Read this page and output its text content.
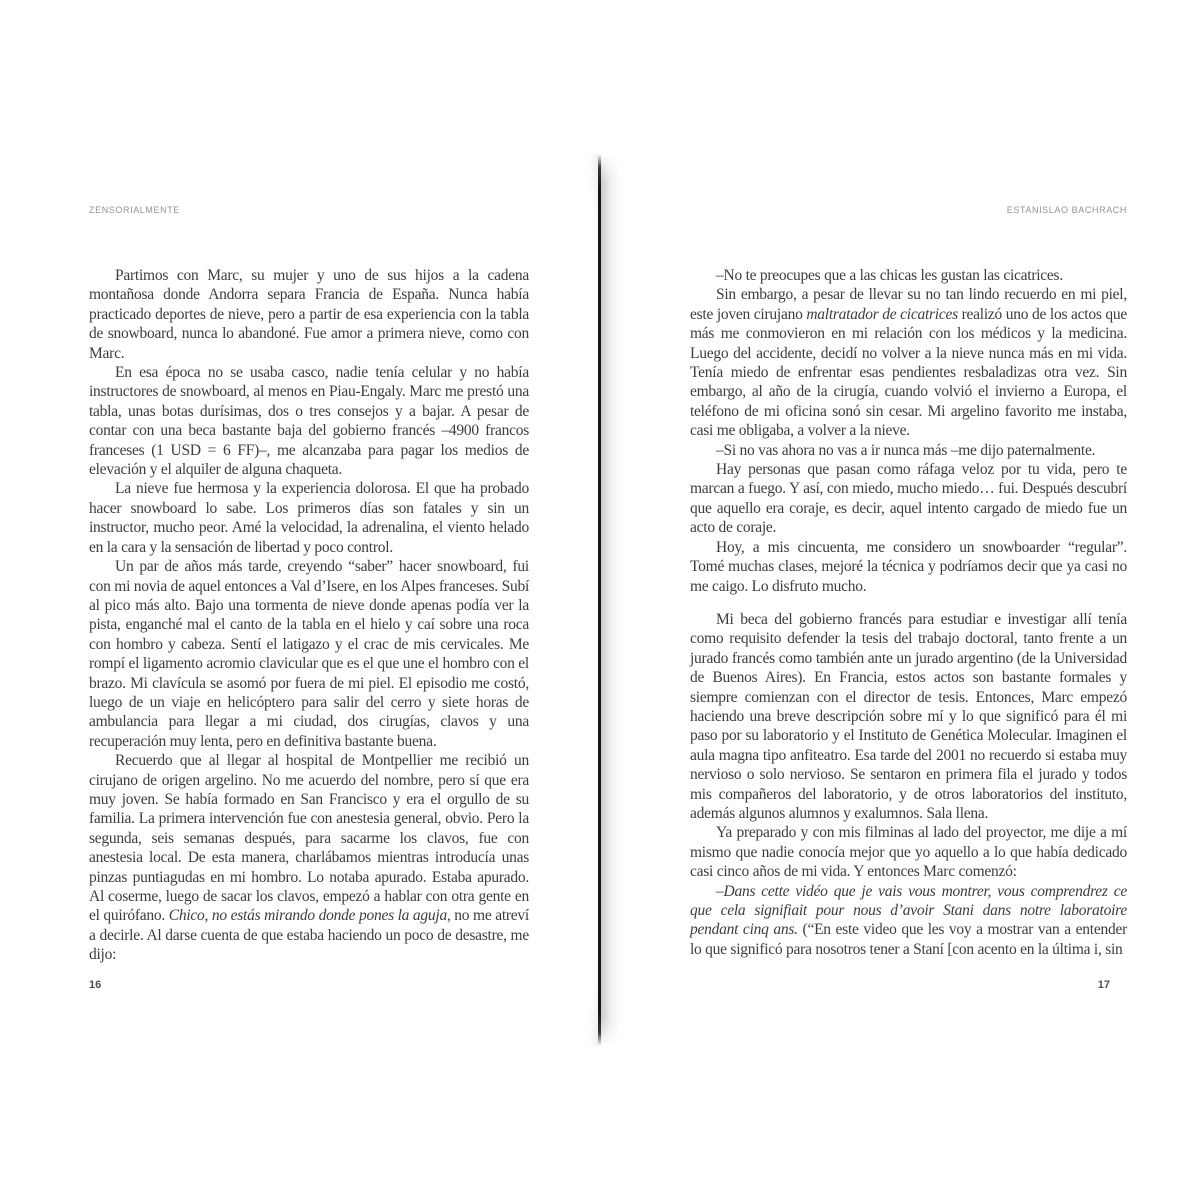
ZENSORIALMENTE	ESTANISLAO BACHRACH

Partimos con Marc, su mujer y uno de sus hijos a la cadena montañosa donde Andorra separa Francia de España. Nunca había practicado deportes de nieve, pero a partir de esa experiencia con la tabla de snowboard, nunca lo abandoné. Fue amor a primera nieve, como con Marc.

En esa época no se usaba casco, nadie tenía celular y no había instructores de snowboard, al menos en Piau-Engaly. Marc me prestó una tabla, unas botas durísimas, dos o tres consejos y a bajar. A pesar de contar con una beca bastante baja del gobierno francés –4900 francos franceses (1 USD = 6 FF)–, me alcanzaba para pagar los medios de elevación y el alquiler de alguna chaqueta.

La nieve fue hermosa y la experiencia dolorosa. El que ha probado hacer snowboard lo sabe. Los primeros días son fatales y sin un instructor, mucho peor. Amé la velocidad, la adrenalina, el viento helado en la cara y la sensación de libertad y poco control.

Un par de años más tarde, creyendo “saber” hacer snowboard, fui con mi novia de aquel entonces a Val d’Isere, en los Alpes franceses. Subí al pico más alto. Bajo una tormenta de nieve donde apenas podía ver la pista, enganché mal el canto de la tabla en el hielo y caí sobre una roca con hombro y cabeza. Sentí el latigazo y el crac de mis cervicales. Me rompí el ligamento acromio clavicular que es el que une el hombro con el brazo. Mi clavícula se asomó por fuera de mi piel. El episodio me costó, luego de un viaje en helicóptero para salir del cerro y siete horas de ambulancia para llegar a mi ciudad, dos cirugías, clavos y una recuperación muy lenta, pero en definitiva bastante buena.

Recuerdo que al llegar al hospital de Montpellier me recibió un cirujano de origen argelino. No me acuerdo del nombre, pero sí que era muy joven. Se había formado en San Francisco y era el orgullo de su familia. La primera intervención fue con anestesia general, obvio. Pero la segunda, seis semanas después, para sacarme los clavos, fue con anestesia local. De esta manera, charlábamos mientras introducía unas pinzas puntiagudas en mi hombro. Lo notaba apurado. Estaba apurado. Al coserme, luego de sacar los clavos, empezó a hablar con otra gente en el quirófano. Chico, no estás mirando donde pones la aguja, no me atreví a decirle. Al darse cuenta de que estaba haciendo un poco de desastre, me dijo:

–No te preocupes que a las chicas les gustan las cicatrices.

Sin embargo, a pesar de llevar su no tan lindo recuerdo en mi piel, este joven cirujano maltratador de cicatrices realizó uno de los actos que más me conmovieron en mi relación con los médicos y la medicina. Luego del accidente, decidí no volver a la nieve nunca más en mi vida. Tenía miedo de enfrentar esas pendientes resbaladizas otra vez. Sin embargo, al año de la cirugía, cuando volvió el invierno a Europa, el teléfono de mi oficina sonó sin cesar. Mi argelino favorito me instaba, casi me obligaba, a volver a la nieve.

–Si no vas ahora no vas a ir nunca más –me dijo paternalmente.

Hay personas que pasan como ráfaga veloz por tu vida, pero te marcan a fuego. Y así, con miedo, mucho miedo… fui. Después descubrí que aquello era coraje, es decir, aquel intento cargado de miedo fue un acto de coraje.

Hoy, a mis cincuenta, me considero un snowboarder “regular”. Tomé muchas clases, mejoré la técnica y podríamos decir que ya casi no me caigo. Lo disfruto mucho.

Mi beca del gobierno francés para estudiar e investigar allí tenía como requisito defender la tesis del trabajo doctoral, tanto frente a un jurado francés como también ante un jurado argentino (de la Universidad de Buenos Aires). En Francia, estos actos son bastante formales y siempre comienzan con el director de tesis. Entonces, Marc empezó haciendo una breve descripción sobre mí y lo que significó para él mi paso por su laboratorio y el Instituto de Genética Molecular. Imaginen el aula magna tipo anfiteatro. Esa tarde del 2001 no recuerdo si estaba muy nervioso o solo nervioso. Se sentaron en primera fila el jurado y todos mis compañeros del laboratorio, y de otros laboratorios del instituto, además algunos alumnos y exalumnos. Sala llena.

Ya preparado y con mis filminas al lado del proyector, me dije a mí mismo que nadie conocía mejor que yo aquello a lo que había dedicado casi cinco años de mi vida. Y entonces Marc comenzó:

–Dans cette vidéo que je vais vous montrer, vous comprendrez ce que cela signifiait pour nous d’avoir Stani dans notre laboratoire pendant cinq ans. (“En este video que les voy a mostrar van a entender lo que significó para nosotros tener a Staní [con acento en la última i, sin

16	17
